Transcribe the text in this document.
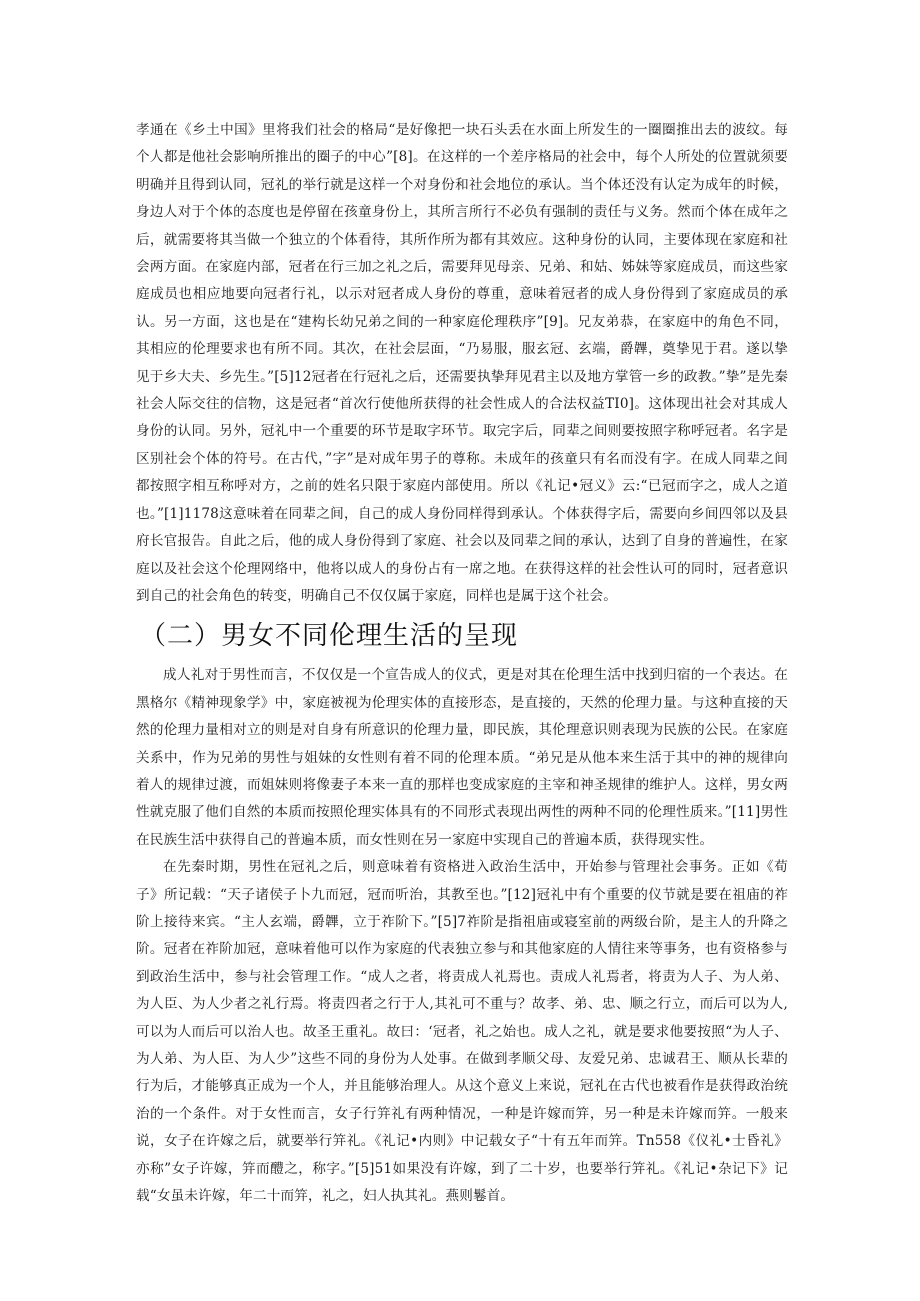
孝通在《乡土中国》里将我们社会的格局“是好像把一块石头丢在水面上所发生的一圈圈推出去的波纹。每个人都是他社会影响所推出的圈子的中心”[8]。在这样的一个差序格局的社会中，每个人所处的位置就须要明确并且得到认同，冠礼的举行就是这样一个对身份和社会地位的承认。当个体还没有认定为成年的时候，身边人对于个体的态度也是停留在孩童身份上，其所言所行不必负有强制的责任与义务。然而个体在成年之后，就需要将其当做一个独立的个体看待，其所作所为都有其效应。这种身份的认同，主要体现在家庭和社会两方面。在家庭内部，冠者在行三加之礼之后，需要拜见母亲、兄弟、和姑、姊妹等家庭成员，而这些家庭成员也相应地要向冠者行礼，以示对冠者成人身份的尊重，意味着冠者的成人身份得到了家庭成员的承认。另一方面，这也是在“建构长幼兄弟之间的一种家庭伦理秩序”[9]。兄友弟恭，在家庭中的角色不同，其相应的伦理要求也有所不同。其次，在社会层面，“乃易服，服玄冠、玄端，爵韠，奠挚见于君。遂以挚见于乡大夫、乡先生。”[5]12冠者在行冠礼之后，还需要执挚拜见君主以及地方掌管一乡的政教。”挚”是先秦社会人际交往的信物，这是冠者“首次行使他所获得的社会性成人的合法权益TI0]。这体现出社会对其成人身份的认同。另外，冠礼中一个重要的环节是取字环节。取完字后，同辈之间则要按照字称呼冠者。名字是区别社会个体的符号。在古代，”字”是对成年男子的尊称。未成年的孩童只有名而没有字。在成人同辈之间都按照字相互称呼对方，之前的姓名只限于家庭内部使用。所以《礼记•冠义》云:“已冠而字之，成人之道也。”[1]1178这意味着在同辈之间，自己的成人身份同样得到承认。个体获得字后，需要向乡间四邻以及县府长官报告。自此之后，他的成人身份得到了家庭、社会以及同辈之间的承认，达到了自身的普遍性，在家庭以及社会这个伦理网络中，他将以成人的身份占有一席之地。在获得这样的社会性认可的同时，冠者意识到自己的社会角色的转变，明确自己不仅仅属于家庭，同样也是属于这个社会。

（二）男女不同伦理生活的呈现

成人礼对于男性而言，不仅仅是一个宣告成人的仪式，更是对其在伦理生活中找到归宿的一个表达。在黑格尔《精神现象学》中，家庭被视为伦理实体的直接形态，是直接的，天然的伦理力量。与这种直接的天然的伦理力量相对立的则是对自身有所意识的伦理力量，即民族，其伦理意识则表现为民族的公民。在家庭关系中，作为兄弟的男性与姐妹的女性则有着不同的伦理本质。“弟兄是从他本来生活于其中的神的规律向着人的规律过渡，而姐妹则将像妻子本来一直的那样也变成家庭的主宰和神圣规律的维护人。这样，男女两性就克服了他们自然的本质而按照伦理实体具有的不同形式表现出两性的两种不同的伦理性质来。”[11]男性在民族生活中获得自己的普遍本质，而女性则在另一家庭中实现自己的普遍本质，获得现实性。

在先秦时期，男性在冠礼之后，则意味着有资格进入政治生活中，开始参与管理社会事务。正如《荀子》所记载：“天子诸侯子卜九而冠，冠而听治，其教至也。”[12]冠礼中有个重要的仪节就是要在祖庙的祚阶上接待来宾。“主人玄端，爵韠，立于祚阶下。”[5]7祚阶是指祖庙或寝室前的两级台阶，是主人的升降之阶。冠者在祚阶加冠，意味着他可以作为家庭的代表独立参与和其他家庭的人情往来等事务，也有资格参与到政治生活中，参与社会管理工作。“成人之者，将责成人礼焉也。责成人礼焉者，将责为人子、为人弟、为人臣、为人少者之礼行焉。将责四者之行于人,其礼可不重与？故孝、弟、忠、顺之行立，而后可以为人,可以为人而后可以治人也。故圣王重礼。故曰：‘冠者，礼之始也。成人之礼，就是要求他要按照“为人子、为人弟、为人臣、为人少”这些不同的身份为人处事。在做到孝顺父母、友爱兄弟、忠诚君王、顺从长辈的行为后，才能够真正成为一个人，并且能够治理人。从这个意义上来说，冠礼在古代也被看作是获得政治统治的一个条件。对于女性而言，女子行笄礼有两种情况，一种是许嫁而笄，另一种是未许嫁而笄。一般来说，女子在许嫁之后，就要举行笄礼。《礼记•内则》中记载女子“十有五年而笄。Tn558《仪礼•士昏礼》亦称”女子许嫁，笄而醴之，称字。”[5]51如果没有许嫁，到了二十岁，也要举行笄礼。《礼记•杂记下》记载“女虽未许嫁，年二十而笄，礼之，妇人执其礼。燕则鬈首。
